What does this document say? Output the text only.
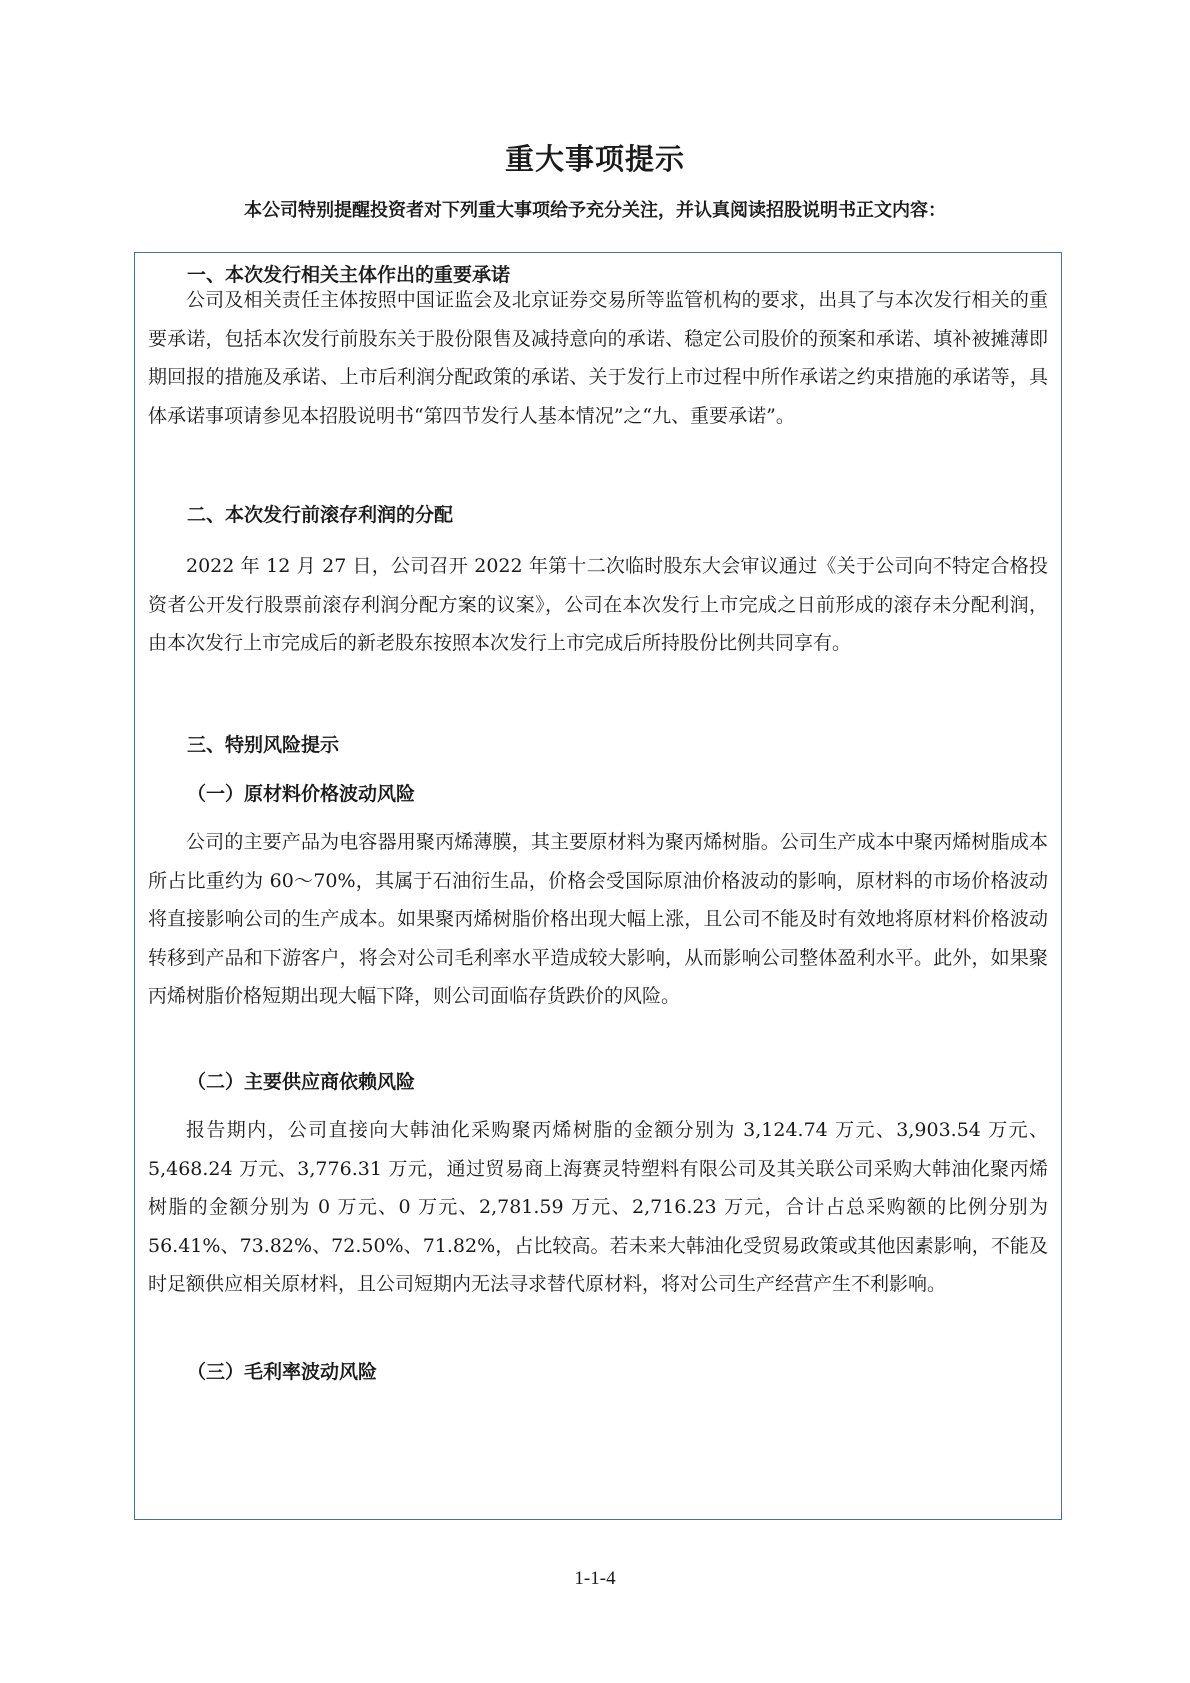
重大事项提示

本公司特别提醒投资者对下列重大事项给予充分关注，并认真阅读招股说明书正文内容：

一、本次发行相关主体作出的重要承诺

公司及相关责任主体按照中国证监会及北京证券交易所等监管机构的要求，出具了与本次发行相关的重要承诺，包括本次发行前股东关于股份限售及减持意向的承诺、稳定公司股价的预案和承诺、填补被摊薄即期回报的措施及承诺、上市后利润分配政策的承诺、关于发行上市过程中所作承诺之约束措施的承诺等，具体承诺事项请参见本招股说明书“第四节发行人基本情况”之“九、重要承诺”。

二、本次发行前滚存利润的分配

2022 年 12 月 27 日，公司召开 2022 年第十二次临时股东大会审议通过《关于公司向不特定合格投资者公开发行股票前滚存利润分配方案的议案》，公司在本次发行上市完成之日前形成的滚存未分配利润，由本次发行上市完成后的新老股东按照本次发行上市完成后所持股份比例共同享有。

三、特别风险提示
（一）原材料价格波动风险

公司的主要产品为电容器用聚丙烯薄膜，其主要原材料为聚丙烯树脂。公司生产成本中聚丙烯树脂成本所占比重约为 60～70%，其属于石油衍生品，价格会受国际原油价格波动的影响，原材料的市场价格波动将直接影响公司的生产成本。如果聚丙烯树脂价格出现大幅上涨，且公司不能及时有效地将原材料价格波动转移到产品和下游客户，将会对公司毛利率水平造成较大影响，从而影响公司整体盈利水平。此外，如果聚丙烯树脂价格短期出现大幅下降，则公司面临存货跌价的风险。

（二）主要供应商依赖风险

报告期内，公司直接向大韩油化采购聚丙烯树脂的金额分别为 3,124.74 万元、3,903.54 万元、5,468.24 万元、3,776.31 万元，通过贸易商上海赛灵特塑料有限公司及其关联公司采购大韩油化聚丙烯树脂的金额分别为 0 万元、0 万元、2,781.59 万元、2,716.23 万元，合计占总采购额的比例分别为 56.41%、73.82%、72.50%、71.82%，占比较高。若未来大韩油化受贸易政策或其他因素影响，不能及时足额供应相关原材料，且公司短期内无法寻求替代原材料，将对公司生产经营产生不利影响。

（三）毛利率波动风险
1-1-4
